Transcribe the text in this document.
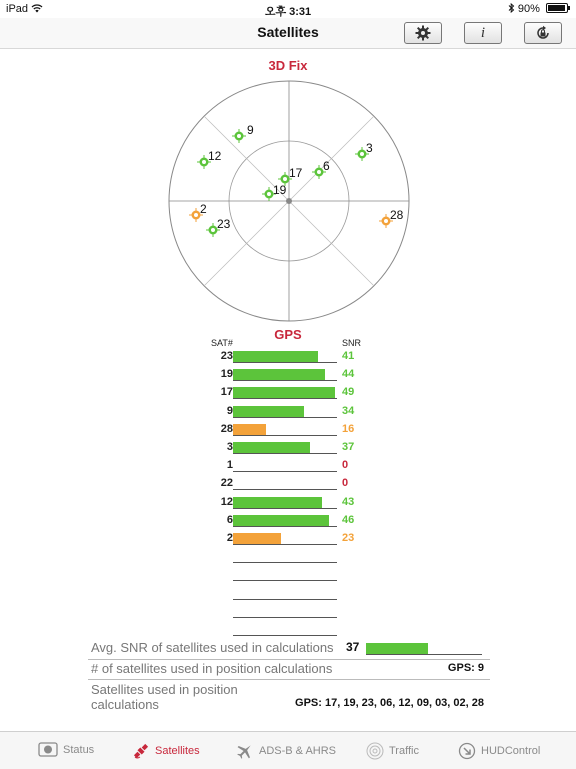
iPad	오후 3:31	90%
Satellites	i
3D Fix
9
12
3
6
17
19
2
23
28
GPS
SAT#	SNR
23	41
19	44
17	49
9	34
28	16
3	37
1	0
22	0
12	43
6	46
2	23
Avg. SNR of satellites used in calculations 37
# of satellites used in position calculations	GPS: 9
Satellites used in position calculations	GPS: 17, 19, 23, 06, 12, 09, 03, 02, 28
Status	Satellites	ADS-B & AHRS	Traffic	HUDControl
